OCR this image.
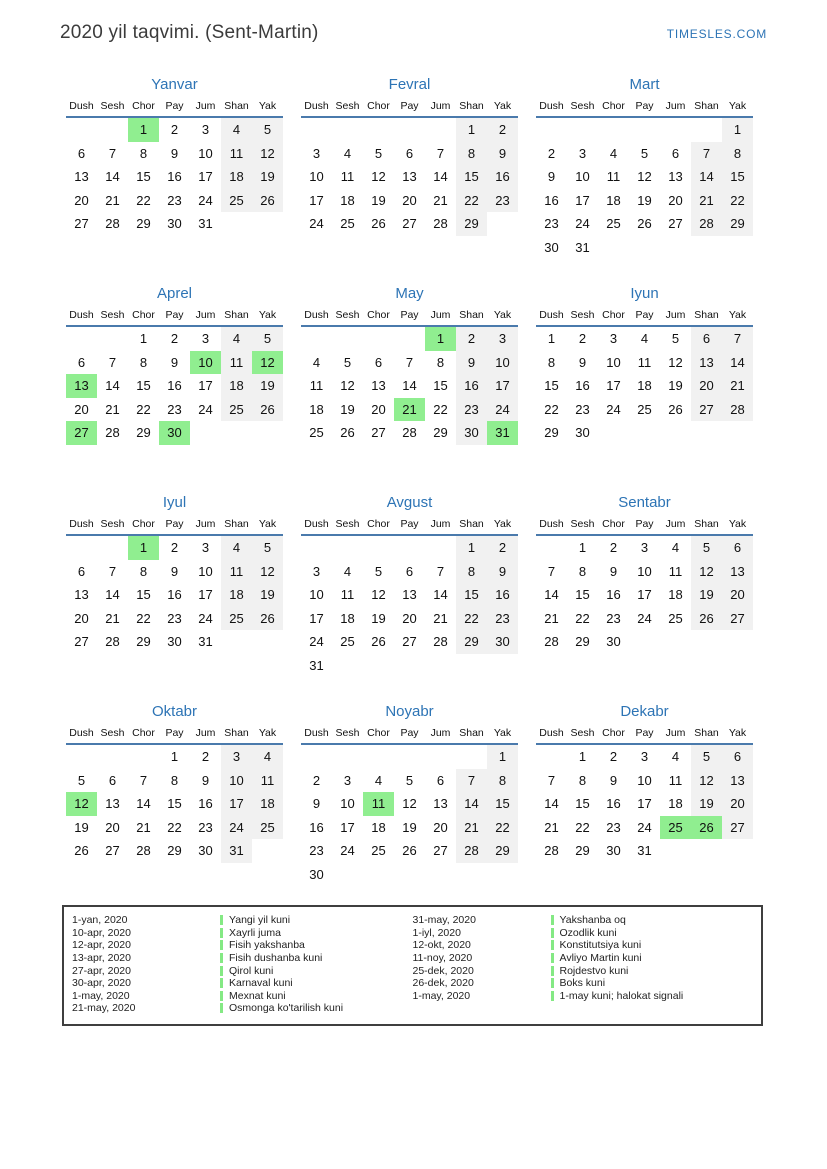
2020 yil taqvimi. (Sent-Martin)	TIMESLES.COM
Yanvar
Dush	Sesh	Chor	Pay	Jum	Shan	Yak
		1	2	3	4	5
6	7	8	9	10	11	12
13	14	15	16	17	18	19
20	21	22	23	24	25	26
27	28	29	30	31		
Fevral
Dush	Sesh	Chor	Pay	Jum	Shan	Yak
					1	2
3	4	5	6	7	8	9
10	11	12	13	14	15	16
17	18	19	20	21	22	23
24	25	26	27	28	29	
Mart
Dush	Sesh	Chor	Pay	Jum	Shan	Yak
						1
2	3	4	5	6	7	8
9	10	11	12	13	14	15
16	17	18	19	20	21	22
23	24	25	26	27	28	29
30	31					
Aprel
Dush	Sesh	Chor	Pay	Jum	Shan	Yak
		1	2	3	4	5
6	7	8	9	10	11	12
13	14	15	16	17	18	19
20	21	22	23	24	25	26
27	28	29	30			
May
Dush	Sesh	Chor	Pay	Jum	Shan	Yak
				1	2	3
4	5	6	7	8	9	10
11	12	13	14	15	16	17
18	19	20	21	22	23	24
25	26	27	28	29	30	31
Iyun
Dush	Sesh	Chor	Pay	Jum	Shan	Yak
1	2	3	4	5	6	7
8	9	10	11	12	13	14
15	16	17	18	19	20	21
22	23	24	25	26	27	28
29	30					
Iyul
Dush	Sesh	Chor	Pay	Jum	Shan	Yak
		1	2	3	4	5
6	7	8	9	10	11	12
13	14	15	16	17	18	19
20	21	22	23	24	25	26
27	28	29	30	31		
Avgust
Dush	Sesh	Chor	Pay	Jum	Shan	Yak
					1	2
3	4	5	6	7	8	9
10	11	12	13	14	15	16
17	18	19	20	21	22	23
24	25	26	27	28	29	30
31						
Sentabr
Dush	Sesh	Chor	Pay	Jum	Shan	Yak
	1	2	3	4	5	6
7	8	9	10	11	12	13
14	15	16	17	18	19	20
21	22	23	24	25	26	27
28	29	30				
Oktabr
Dush	Sesh	Chor	Pay	Jum	Shan	Yak
			1	2	3	4
5	6	7	8	9	10	11
12	13	14	15	16	17	18
19	20	21	22	23	24	25
26	27	28	29	30	31	
Noyabr
Dush	Sesh	Chor	Pay	Jum	Shan	Yak
						1
2	3	4	5	6	7	8
9	10	11	12	13	14	15
16	17	18	19	20	21	22
23	24	25	26	27	28	29
30						
Dekabr
Dush	Sesh	Chor	Pay	Jum	Shan	Yak
	1	2	3	4	5	6
7	8	9	10	11	12	13
14	15	16	17	18	19	20
21	22	23	24	25	26	27
28	29	30	31			
1-yan, 2020	Yangi yil kuni
10-apr, 2020	Xayrli juma
12-apr, 2020	Fisih yakshanba
13-apr, 2020	Fisih dushanba kuni
27-apr, 2020	Qirol kuni
30-apr, 2020	Karnaval kuni
1-may, 2020	Mexnat kuni
21-may, 2020	Osmonga ko'tarilish kuni
31-may, 2020	Yakshanba oq
1-iyl, 2020	Ozodlik kuni
12-okt, 2020	Konstitutsiya kuni
11-noy, 2020	Avliyo Martin kuni
25-dek, 2020	Rojdestvo kuni
26-dek, 2020	Boks kuni
1-may, 2020	1-may kuni; halokat signali
